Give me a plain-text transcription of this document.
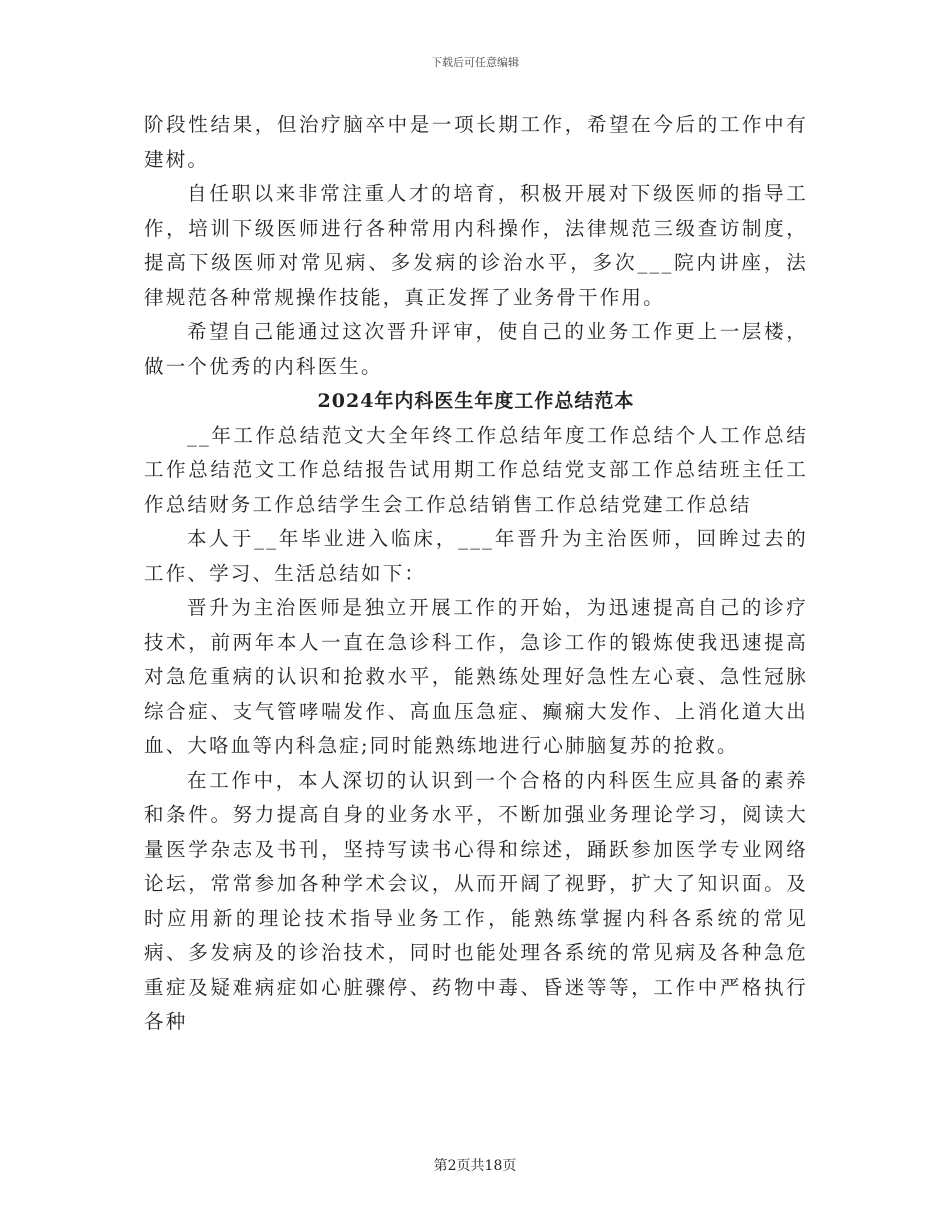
下载后可任意编辑

阶段性结果，但治疗脑卒中是一项长期工作，希望在今后的工作中有建树。

自任职以来非常注重人才的培育，积极开展对下级医师的指导工作，培训下级医师进行各种常用内科操作，法律规范三级查访制度，提高下级医师对常见病、多发病的诊治水平，多次___院内讲座，法律规范各种常规操作技能，真正发挥了业务骨干作用。

希望自己能通过这次晋升评审，使自己的业务工作更上一层楼，做一个优秀的内科医生。

2024年内科医生年度工作总结范本

__年工作总结范文大全年终工作总结年度工作总结个人工作总结工作总结范文工作总结报告试用期工作总结党支部工作总结班主任工作总结财务工作总结学生会工作总结销售工作总结党建工作总结

本人于__年毕业进入临床，___年晋升为主治医师，回眸过去的工作、学习、生活总结如下：

晋升为主治医师是独立开展工作的开始，为迅速提高自己的诊疗技术，前两年本人一直在急诊科工作，急诊工作的锻炼使我迅速提高对急危重病的认识和抢救水平，能熟练处理好急性左心衰、急性冠脉综合症、支气管哮喘发作、高血压急症、癫痫大发作、上消化道大出血、大咯血等内科急症;同时能熟练地进行心肺脑复苏的抢救。

在工作中，本人深切的认识到一个合格的内科医生应具备的素养和条件。努力提高自身的业务水平，不断加强业务理论学习，阅读大量医学杂志及书刊，坚持写读书心得和综述，踊跃参加医学专业网络论坛，常常参加各种学术会议，从而开阔了视野，扩大了知识面。及时应用新的理论技术指导业务工作，能熟练掌握内科各系统的常见病、多发病及的诊治技术，同时也能处理各系统的常见病及各种急危重症及疑难病症如心脏骤停、药物中毒、昏迷等等，工作中严格执行各种

第2页共18页
